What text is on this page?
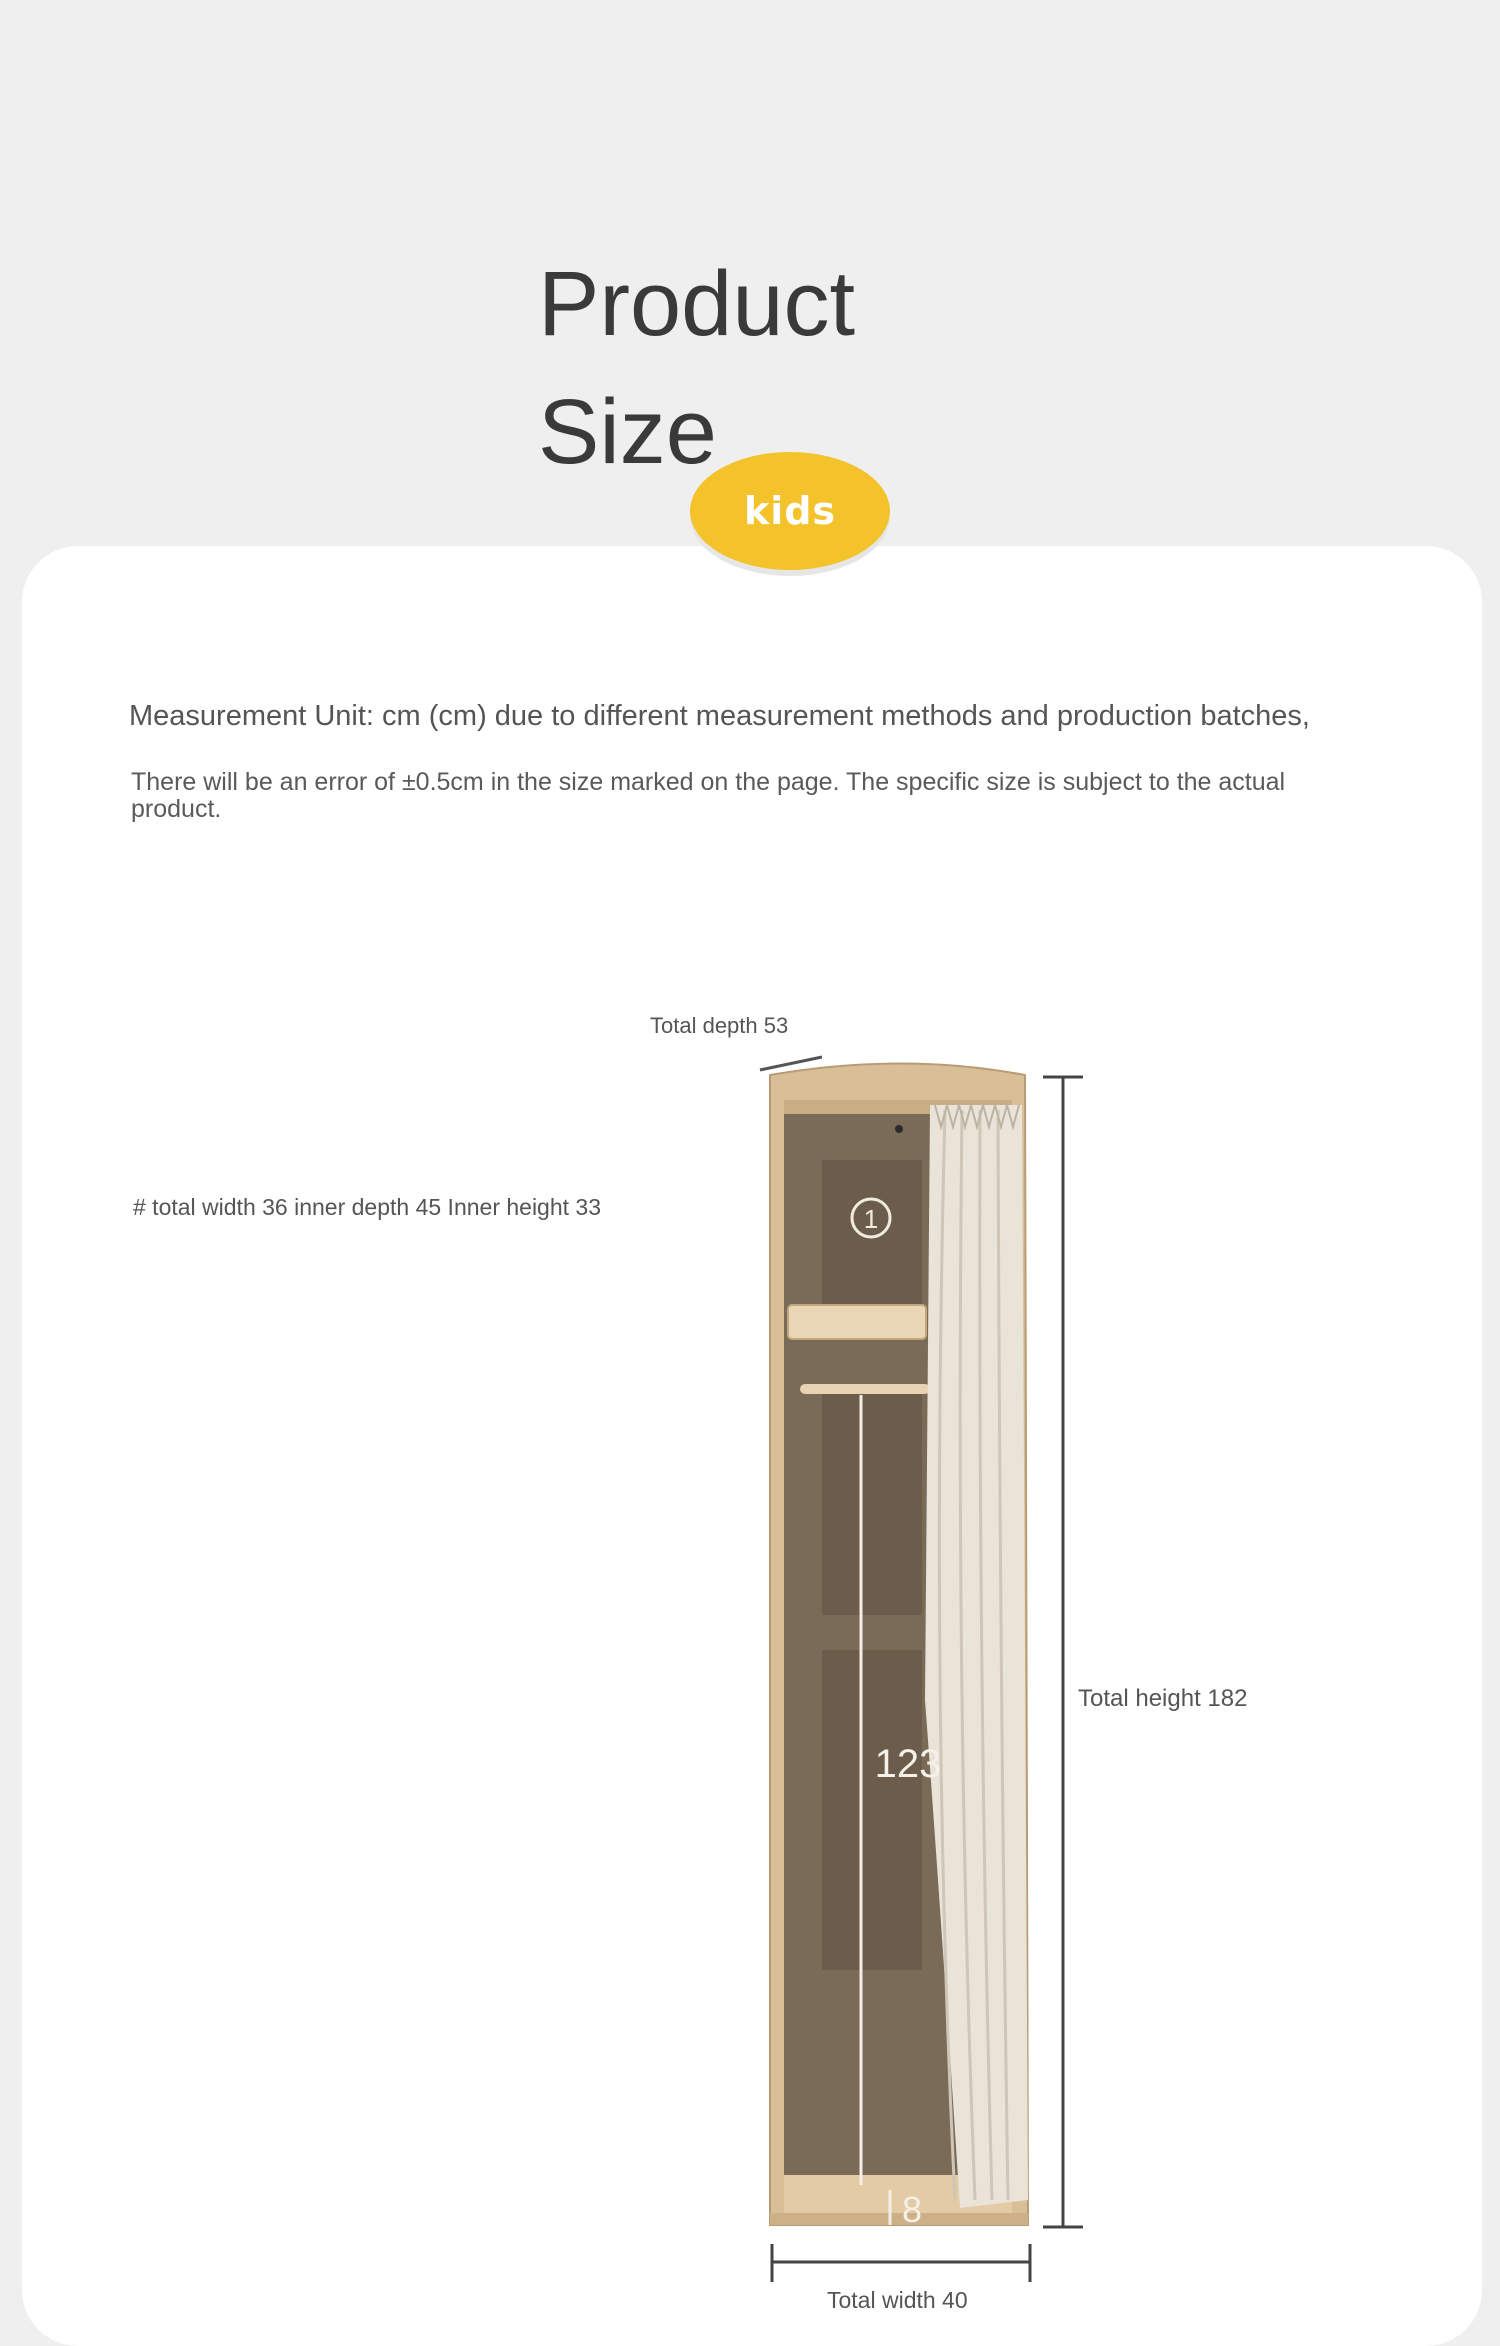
Product
Size
kids
Measurement Unit: cm (cm) due to different measurement methods and production batches,
There will be an error of ±0.5cm in the size marked on the page. The specific size is subject to the actual product.
# total width 36 inner depth 45 Inner height 33	1
123
8
Total depth 53
Total height 182
Total width 40
